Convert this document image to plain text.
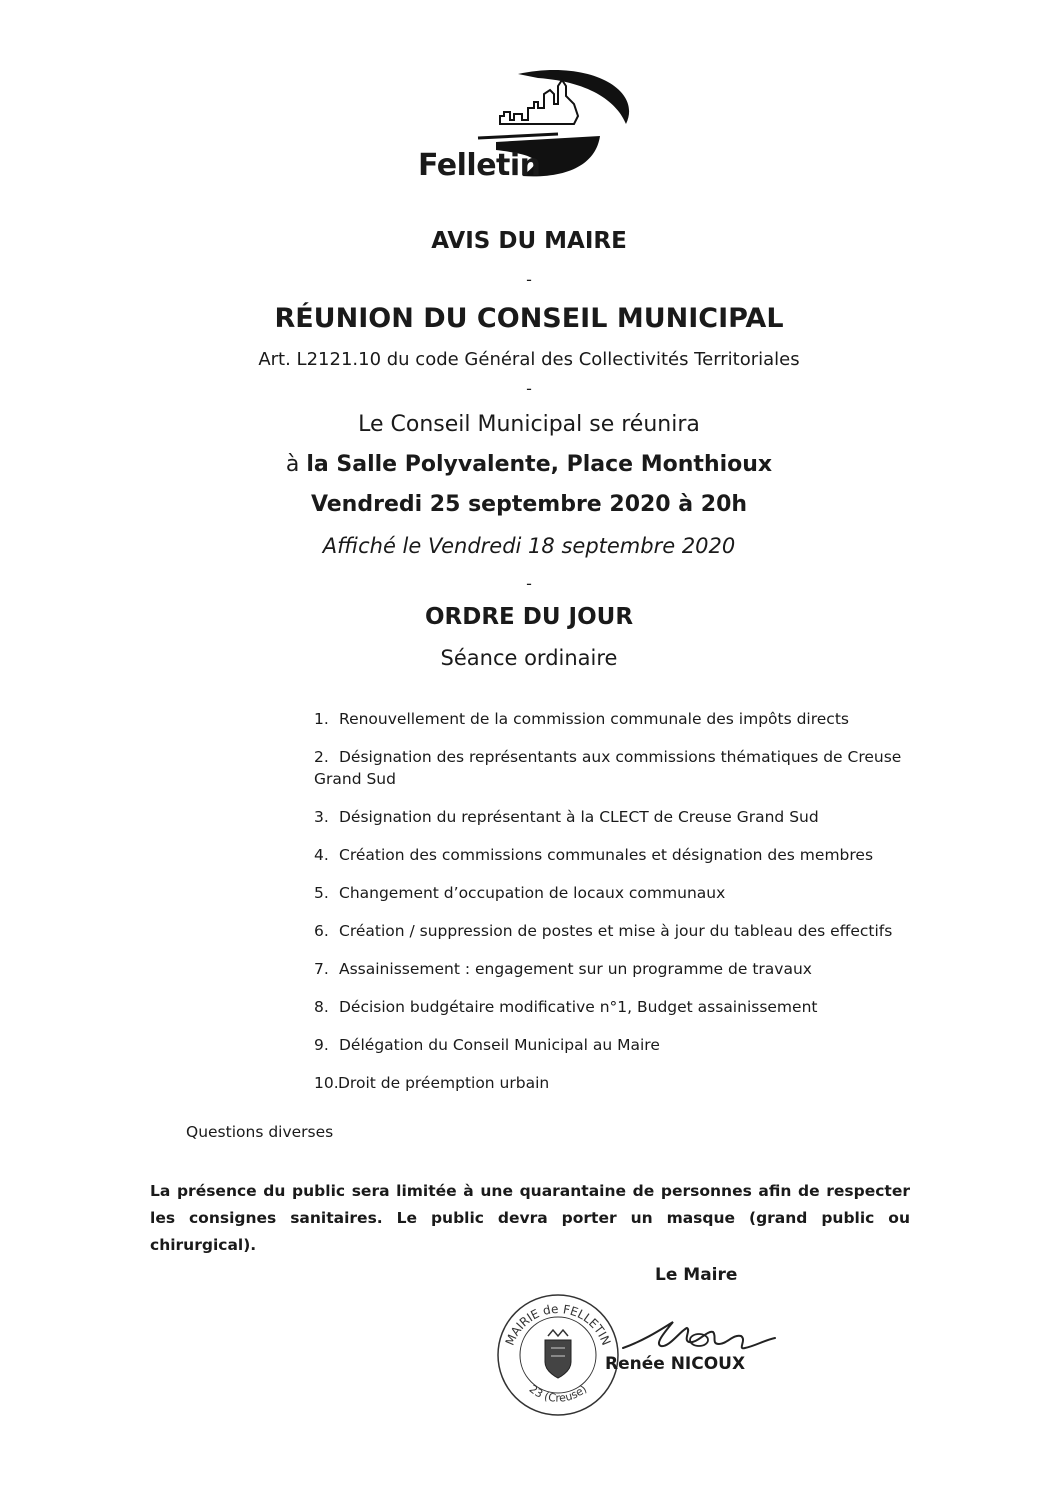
Felletin
AVIS DU MAIRE
-
RÉUNION DU CONSEIL MUNICIPAL
Art. L2121.10 du code Général des Collectivités Territoriales
-
Le Conseil Municipal se réunira
à la Salle Polyvalente, Place Monthioux
Vendredi 25 septembre 2020 à 20h
Affiché le Vendredi 18 septembre 2020
-
ORDRE DU JOUR
Séance ordinaire
1. Renouvellement de la commission communale des impôts directs
2. Désignation des représentants aux commissions thématiques de Creuse Grand Sud
3. Désignation du représentant à la CLECT de Creuse Grand Sud
4. Création des commissions communales et désignation des membres
5. Changement d’occupation de locaux communaux
6. Création / suppression de postes et mise à jour du tableau des effectifs
7. Assainissement : engagement sur un programme de travaux
8. Décision budgétaire modificative n°1, Budget assainissement
9. Délégation du Conseil Municipal au Maire
10.Droit de préemption urbain
Questions diverses
La présence du public sera limitée à une quarantaine de personnes afin de respecter les consignes sanitaires. Le public devra porter un masque (grand public ou chirurgical).
Le Maire
MAIRIE de FELLETIN
23 (Creuse)
Renée NICOUX
